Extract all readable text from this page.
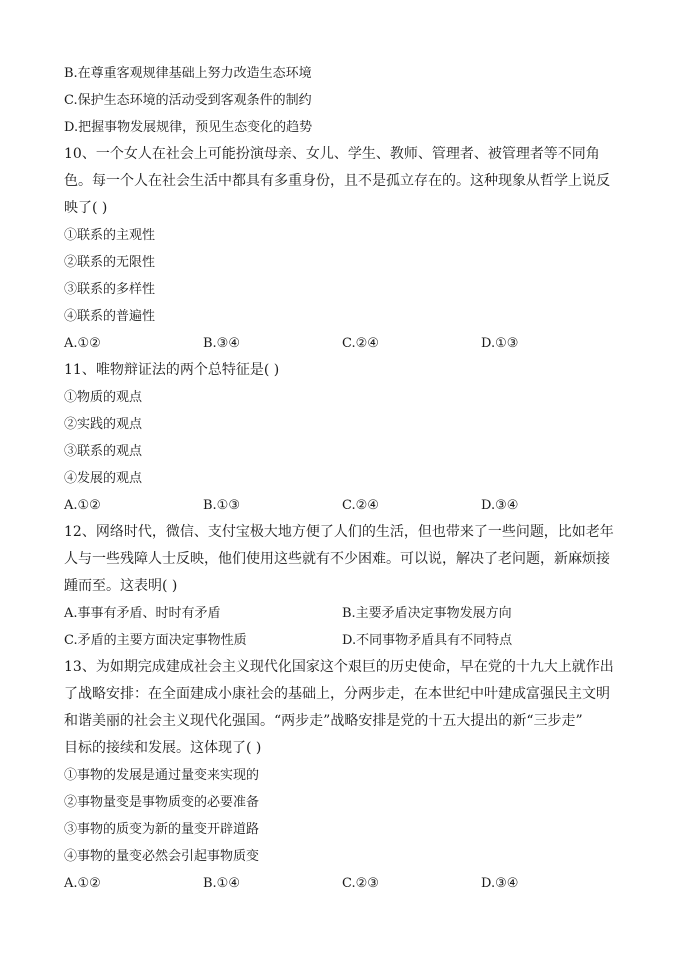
B.在尊重客观规律基础上努力改造生态环境
C.保护生态环境的活动受到客观条件的制约
D.把握事物发展规律，预见生态变化的趋势
10、一个女人在社会上可能扮演母亲、女儿、学生、教师、管理者、被管理者等不同角
色。每一个人在社会生活中都具有多重身份，且不是孤立存在的。这种现象从哲学上说反
映了( )
①联系的主观性
②联系的无限性
③联系的多样性
④联系的普遍性
A.①②	B.③④	C.②④	D.①③
11、唯物辩证法的两个总特征是( )
①物质的观点
②实践的观点
③联系的观点
④发展的观点
A.①②	B.①③	C.②④	D.③④
12、网络时代，微信、支付宝极大地方便了人们的生活，但也带来了一些问题，比如老年
人与一些残障人士反映，他们使用这些就有不少困难。可以说，解决了老问题，新麻烦接
踵而至。这表明( )
A.事事有矛盾、时时有矛盾	B.主要矛盾决定事物发展方向
C.矛盾的主要方面决定事物性质	D.不同事物矛盾具有不同特点
13、为如期完成建成社会主义现代化国家这个艰巨的历史使命，早在党的十九大上就作出
了战略安排：在全面建成小康社会的基础上，分两步走，在本世纪中叶建成富强民主文明
和谐美丽的社会主义现代化强国。“两步走”战略安排是党的十五大提出的新“三步走”
目标的接续和发展。这体现了( )
①事物的发展是通过量变来实现的
②事物量变是事物质变的必要准备
③事物的质变为新的量变开辟道路
④事物的量变必然会引起事物质变
A.①②	B.①④	C.②③	D.③④
